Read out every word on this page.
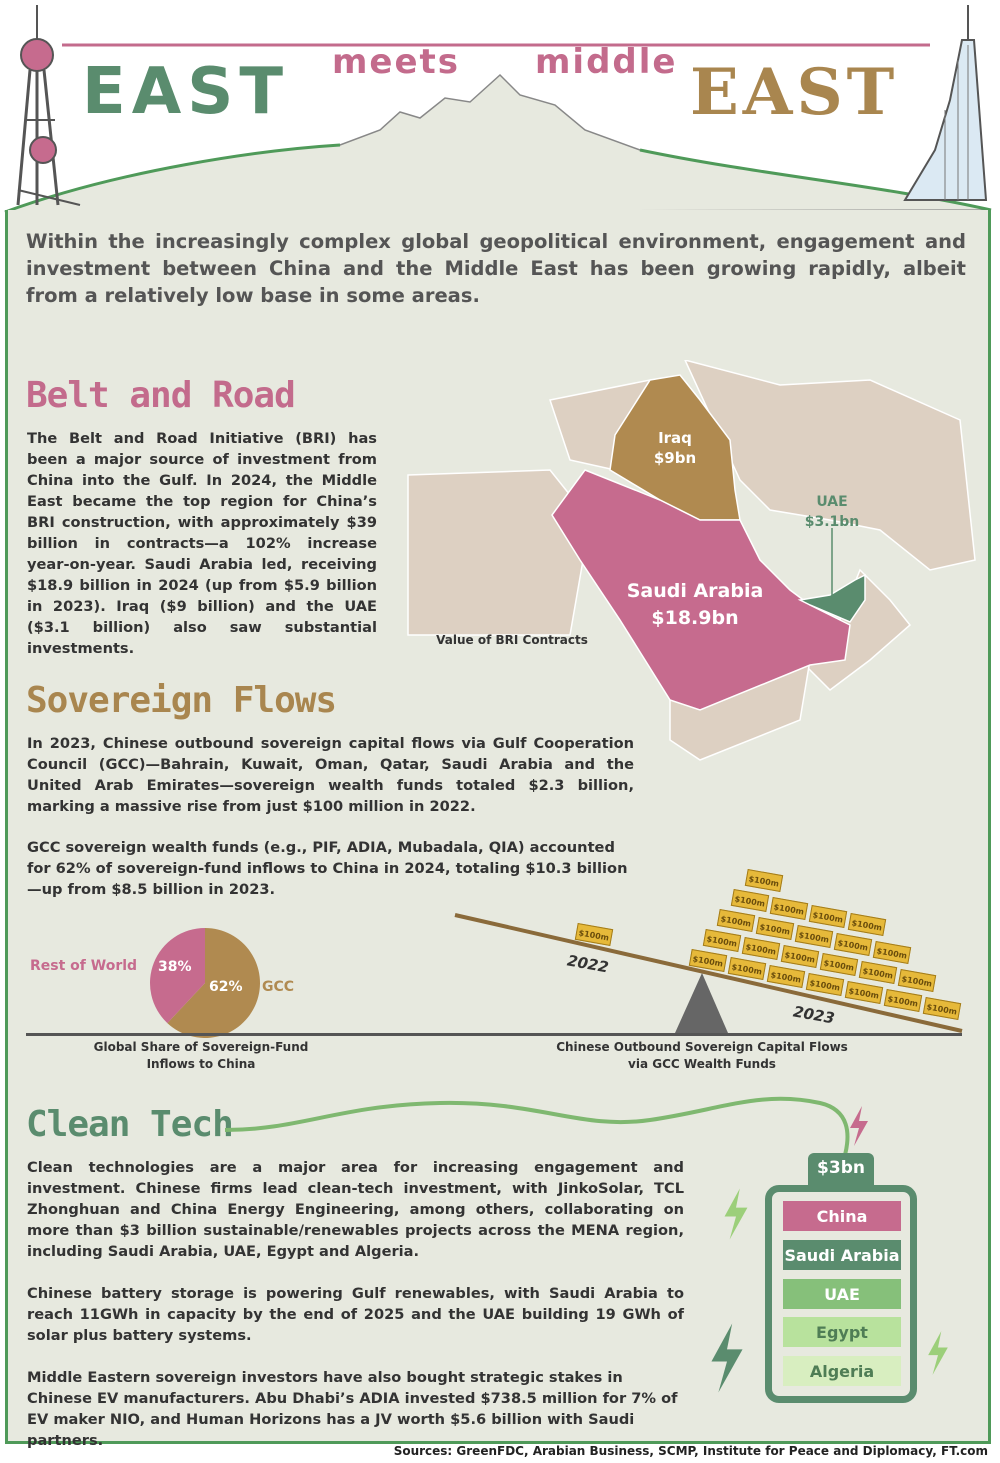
EAST meets middle EAST
Within the increasingly complex global geopolitical environment, engagement and investment between China and the Middle East has been growing rapidly, albeit from a relatively low base in some areas.
Belt and Road
The Belt and Road Initiative (BRI) has been a major source of investment from China into the Gulf. In 2024, the Middle East became the top region for China’s BRI construction, with approximately $39 billion in contracts—a 102% increase year-on-year. Saudi Arabia led, receiving $18.9 billion in 2024 (up from $5.9 billion in 2023). Iraq ($9 billion) and the UAE ($3.1 billion) also saw substantial investments.
Iraq
$9bn
UAE
$3.1bn
Saudi Arabia
$18.9bn
Value of BRI Contracts
Sovereign Flows
In 2023, Chinese outbound sovereign capital flows via Gulf Cooperation Council (GCC)—Bahrain, Kuwait, Oman, Qatar, Saudi Arabia and the United Arab Emirates—sovereign wealth funds totaled $2.3 billion, marking a massive rise from just $100 million in 2022.
GCC sovereign wealth funds (e.g., PIF, ADIA, Mubadala, QIA) accounted for 62% of sovereign-fund inflows to China in 2024, totaling $10.3 billion—up from $8.5 billion in 2023.
Rest of World
GCC
38%
62%
Global Share of Sovereign-Fund
Inflows to China
Chinese Outbound Sovereign Capital Flows
via GCC Wealth Funds
2022
2023
$100m
$100m
$100m
$100m
$100m
$100m
$100m
$100m
$100m
$100m
$100m
$100m
$100m
$100m
$100m
$100m
$100m
$100m
$100m
$100m
$100m
$100m
$100m
$100m
Clean Tech
$3bn
China
Saudi Arabia
UAE
Egypt
Algeria
Clean technologies are a major area for increasing engagement and investment. Chinese firms lead clean-tech investment, with JinkoSolar, TCL Zhonghuan and China Energy Engineering, among others, collaborating on more than $3 billion sustainable/renewables projects across the MENA region, including Saudi Arabia, UAE, Egypt and Algeria.
Chinese battery storage is powering Gulf renewables, with Saudi Arabia to reach 11GWh in capacity by the end of 2025 and the UAE building 19 GWh of solar plus battery systems.
Middle Eastern sovereign investors have also bought strategic stakes in Chinese EV manufacturers. Abu Dhabi’s ADIA invested $738.5 million for 7% of EV maker NIO, and Human Horizons has a JV worth $5.6 billion with Saudi partners.
Sources: GreenFDC, Arabian Business, SCMP, Institute for Peace and Diplomacy, FT.com
